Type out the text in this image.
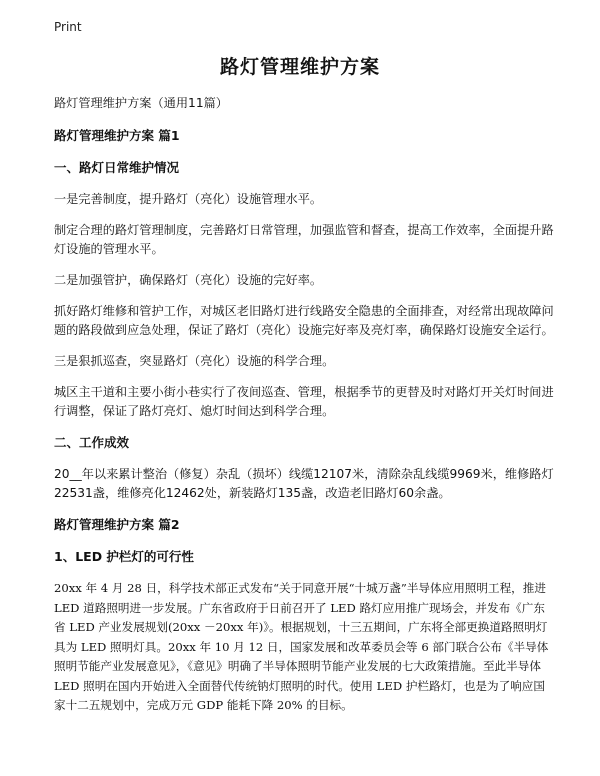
Print
路灯管理维护方案

路灯管理维护方案（通用11篇）

路灯管理维护方案 篇1
一、路灯日常维护情况

一是完善制度，提升路灯（亮化）设施管理水平。

制定合理的路灯管理制度，完善路灯日常管理，加强监管和督查，提高工作效率，全面提升路灯设施的管理水平。

二是加强管护，确保路灯（亮化）设施的完好率。

抓好路灯维修和管护工作，对城区老旧路灯进行线路安全隐患的全面排查，对经常出现故障问题的路段做到应急处理，保证了路灯（亮化）设施完好率及亮灯率，确保路灯设施安全运行。

三是狠抓巡查，突显路灯（亮化）设施的科学合理。

城区主干道和主要小街小巷实行了夜间巡查、管理，根据季节的更替及时对路灯开关灯时间进行调整，保证了路灯亮灯、熄灯时间达到科学合理。

二、工作成效

20__年以来累计整治（修复）杂乱（损坏）线缆12107米，清除杂乱线缆9969米，维修路灯22531盏，维修亮化12462处，新装路灯135盏，改造老旧路灯60余盏。

路灯管理维护方案 篇2
1、LED 护栏灯的可行性

20xx 年 4 月 28 日，科学技术部正式发布“关于同意开展“十城万盏”半导体应用照明工程，推进 LED 道路照明进一步发展。广东省政府于日前召开了 LED 路灯应用推广现场会，并发布《广东省 LED 产业发展规划(20xx －20xx 年)》。根据规划，十三五期间，广东将全部更换道路照明灯具为 LED 照明灯具。20xx 年 10 月 12 日，国家发展和改革委员会等 6 部门联合公布《半导体照明节能产业发展意见》，《意见》明确了半导体照明节能产业发展的七大政策措施。至此半导体 LED 照明在国内开始进入全面替代传统钠灯照明的时代。使用 LED 护栏路灯，也是为了响应国家十二五规划中，完成万元 GDP 能耗下降 20% 的目标。
